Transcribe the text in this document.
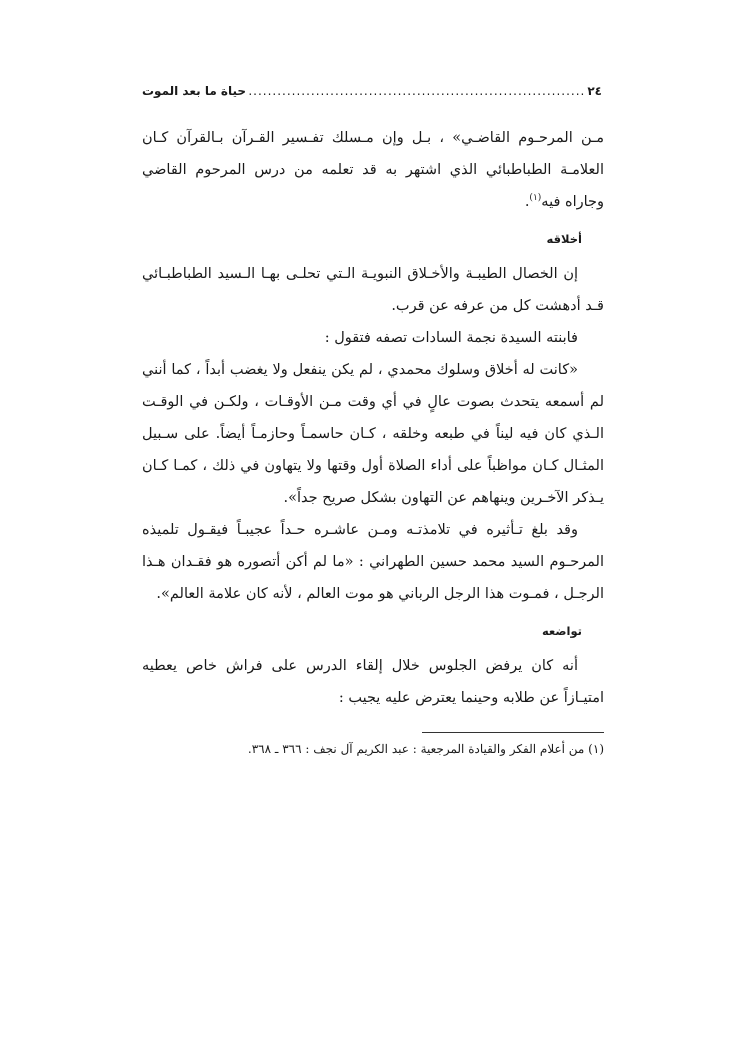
٢٤
.....
حياة ما بعد الموت

مـن المرحـوم القاضـي» ، بـل وإن مـسلك تفـسير القـرآن بـالقرآن كـان العلامـة الطباطبائي الذي اشتهر به قد تعلمه من درس المرحوم القاضي وجاراه فيه$^{(١)}$.

أخلاقه

إن الخصال الطيبـة والأخـلاق النبويـة الـتي تحلـى بهـا الـسيد الطباطبـائي قـد أدهشت كل من عرفه عن قرب.

فابنته السيدة نجمة السادات تصفه فتقول :

«كانت له أخلاق وسلوك محمدي ، لم يكن ينفعل ولا يغضب أبداً ، كما أنني لم أسمعه يتحدث بصوت عالٍ في أي وقت مـن الأوقـات ، ولكـن في الوقـت الـذي كان فيه ليناً في طبعه وخلقه ، كـان حاسمـاً وحازمـاً أيضاً. على سـبيل المثـال كـان مواظباً على أداء الصلاة أول وقتها ولا يتهاون في ذلك ، كمـا كـان يـذكر الآخـرين وينهاهم عن التهاون بشكل صريح جداً».

وقد بلغ تـأثيره في تلامذتـه ومـن عاشـره حـداً عجيبـاً فيقـول تلميذه المرحـوم السيد محمد حسين الطهراني : «ما لم أكن أتصوره هو فقـدان هـذا الرجـل ، فمـوت هذا الرجل الرباني هو موت العالم ، لأنه كان علامة العالم».

تواضعه

أنه كان يرفض الجلوس خلال إلقاء الدرس على فراش خاص يعطيه امتيـازاً عن طلابه وحينما يعترض عليه يجيب :

(١) من أعلام الفكر والقيادة المرجعية : عبد الكريم آل نجف : ٣٦٦ ـ ٣٦٨.
